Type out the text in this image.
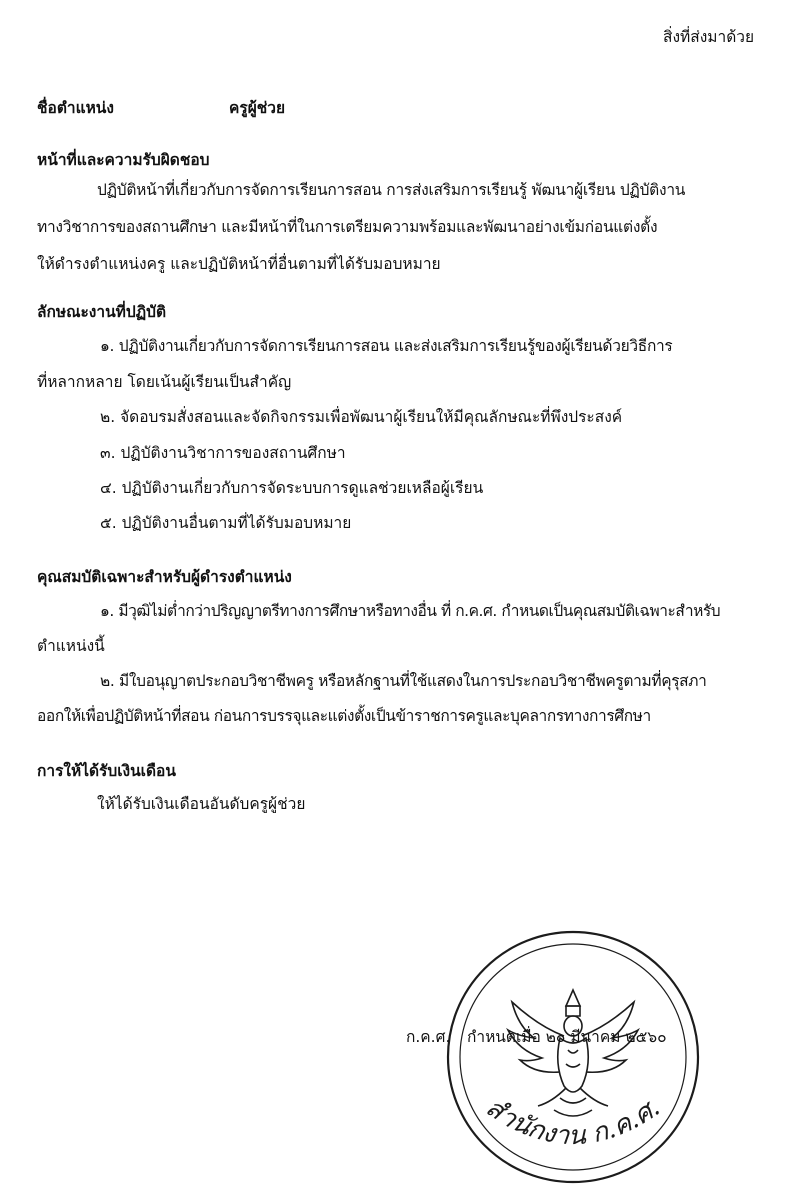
สิ่งที่ส่งมาด้วย
ชื่อตำแหน่ง	ครูผู้ช่วย
หน้าที่และความรับผิดชอบ
ปฏิบัติหน้าที่เกี่ยวกับการจัดการเรียนการสอน การส่งเสริมการเรียนรู้ พัฒนาผู้เรียน ปฏิบัติงาน
ทางวิชาการของสถานศึกษา และมีหน้าที่ในการเตรียมความพร้อมและพัฒนาอย่างเข้มก่อนแต่งตั้ง
ให้ดำรงตำแหน่งครู และปฏิบัติหน้าที่อื่นตามที่ได้รับมอบหมาย
ลักษณะงานที่ปฏิบัติ
๑. ปฏิบัติงานเกี่ยวกับการจัดการเรียนการสอน และส่งเสริมการเรียนรู้ของผู้เรียนด้วยวิธีการ
ที่หลากหลาย โดยเน้นผู้เรียนเป็นสำคัญ
๒. จัดอบรมสั่งสอนและจัดกิจกรรมเพื่อพัฒนาผู้เรียนให้มีคุณลักษณะที่พึงประสงค์
๓. ปฏิบัติงานวิชาการของสถานศึกษา
๔. ปฏิบัติงานเกี่ยวกับการจัดระบบการดูแลช่วยเหลือผู้เรียน
๕. ปฏิบัติงานอื่นตามที่ได้รับมอบหมาย
คุณสมบัติเฉพาะสำหรับผู้ดำรงตำแหน่ง
๑. มีวุฒิไม่ต่ำกว่าปริญญาตรีทางการศึกษาหรือทางอื่น ที่ ก.ค.ศ. กำหนดเป็นคุณสมบัติเฉพาะสำหรับ
ตำแหน่งนี้
๒. มีใบอนุญาตประกอบวิชาชีพครู หรือหลักฐานที่ใช้แสดงในการประกอบวิชาชีพครูตามที่คุรุสภา
ออกให้เพื่อปฏิบัติหน้าที่สอน ก่อนการบรรจุและแต่งตั้งเป็นข้าราชการครูและบุคลากรทางการศึกษา
การให้ได้รับเงินเดือน
ให้ได้รับเงินเดือนอันดับครูผู้ช่วย
สำนักงาน ก.ค.ศ.
ก.ค.ศ. กำหนดเมื่อ ๒๐ มีนาคม ๒๕๖๐
